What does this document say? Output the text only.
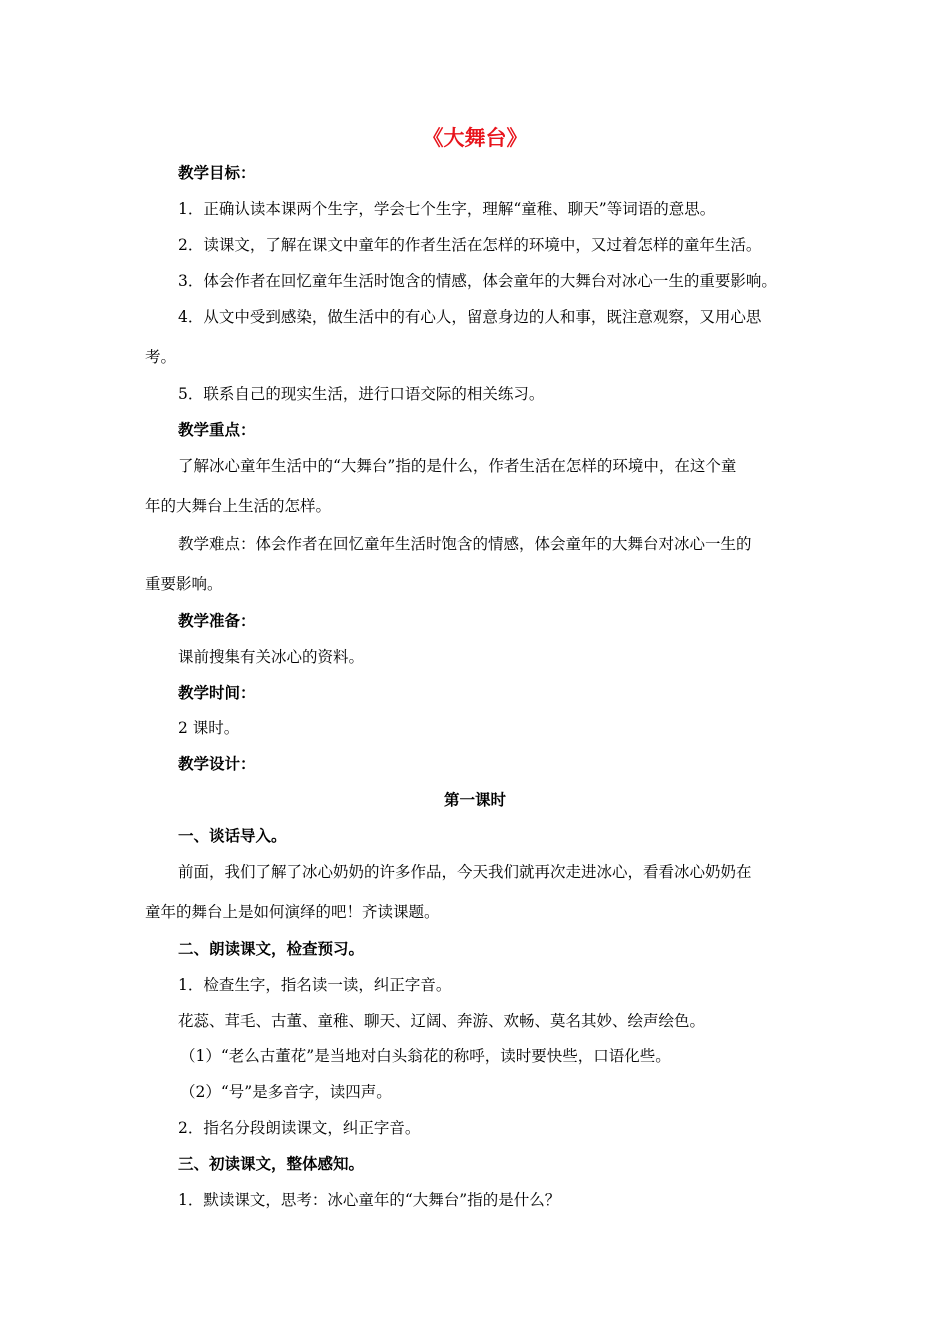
《大舞台》
教学目标：
1．正确认读本课两个生字，学会七个生字，理解“童稚、聊天”等词语的意思。
2．读课文，了解在课文中童年的作者生活在怎样的环境中，又过着怎样的童年生活。
3．体会作者在回忆童年生活时饱含的情感，体会童年的大舞台对冰心一生的重要影响。
4．从文中受到感染，做生活中的有心人，留意身边的人和事，既注意观察，又用心思
考。
5．联系自己的现实生活，进行口语交际的相关练习。
教学重点：
了解冰心童年生活中的“大舞台”指的是什么，作者生活在怎样的环境中，在这个童
年的大舞台上生活的怎样。
教学难点：体会作者在回忆童年生活时饱含的情感，体会童年的大舞台对冰心一生的
重要影响。
教学准备：
课前搜集有关冰心的资料。
教学时间：
2 课时。
教学设计：
第一课时
一、谈话导入。
前面，我们了解了冰心奶奶的许多作品，今天我们就再次走进冰心，看看冰心奶奶在
童年的舞台上是如何演绎的吧！齐读课题。
二、朗读课文，检查预习。
1．检查生字，指名读一读，纠正字音。
花蕊、茸毛、古董、童稚、聊天、辽阔、奔游、欢畅、莫名其妙、绘声绘色。
（1）“老么古董花”是当地对白头翁花的称呼，读时要快些，口语化些。
（2）“号”是多音字，读四声。
2．指名分段朗读课文，纠正字音。
三、初读课文，整体感知。
1．默读课文，思考：冰心童年的“大舞台”指的是什么？
